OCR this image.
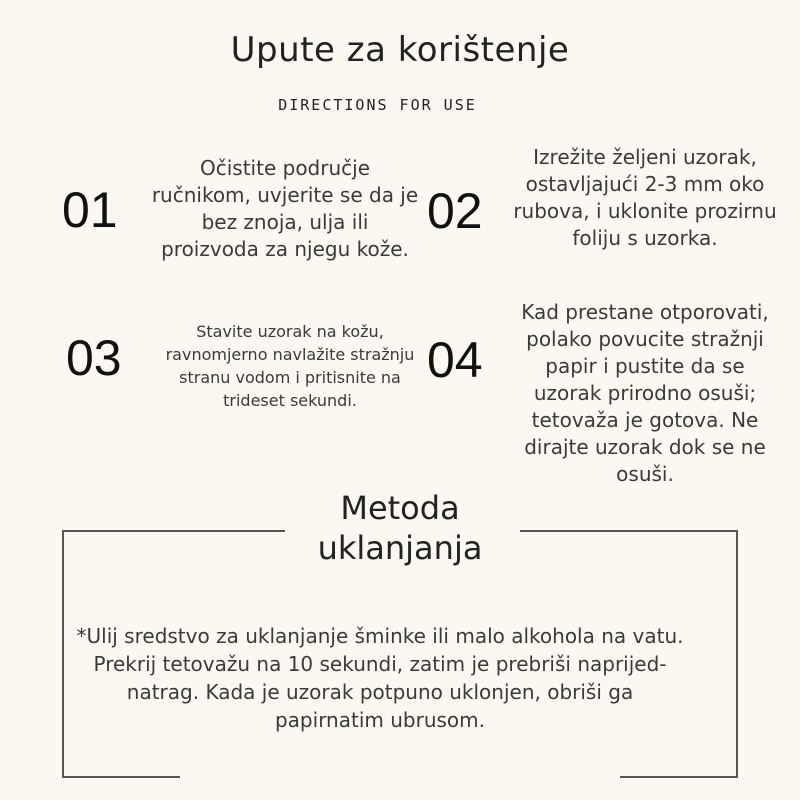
Upute za korištenje
DIRECTIONS FOR USE
01
Očistite područje ručnikom, uvjerite se da je bez znoja, ulja ili proizvoda za njegu kože.
02
Izrežite željeni uzorak, ostavljajući 2-3 mm oko rubova, i uklonite prozirnu foliju s uzorka.
03	Stavite uzorak na kožu, ravnomjerno navlažite stražnju stranu vodom i pritisnite na trideset sekundi.
04
Kad prestane otporovati, polako povucite stražnji papir i pustite da se uzorak prirodno osuši; tetovaža je gotova. Ne dirajte uzorak dok se ne osuši.
Metoda uklanjanja
*Ulij sredstvo za uklanjanje šminke ili malo alkohola na vatu. Prekrij tetovažu na 10 sekundi, zatim je prebriši naprijed-natrag. Kada je uzorak potpuno uklonjen, obriši ga papirnatim ubrusom.
